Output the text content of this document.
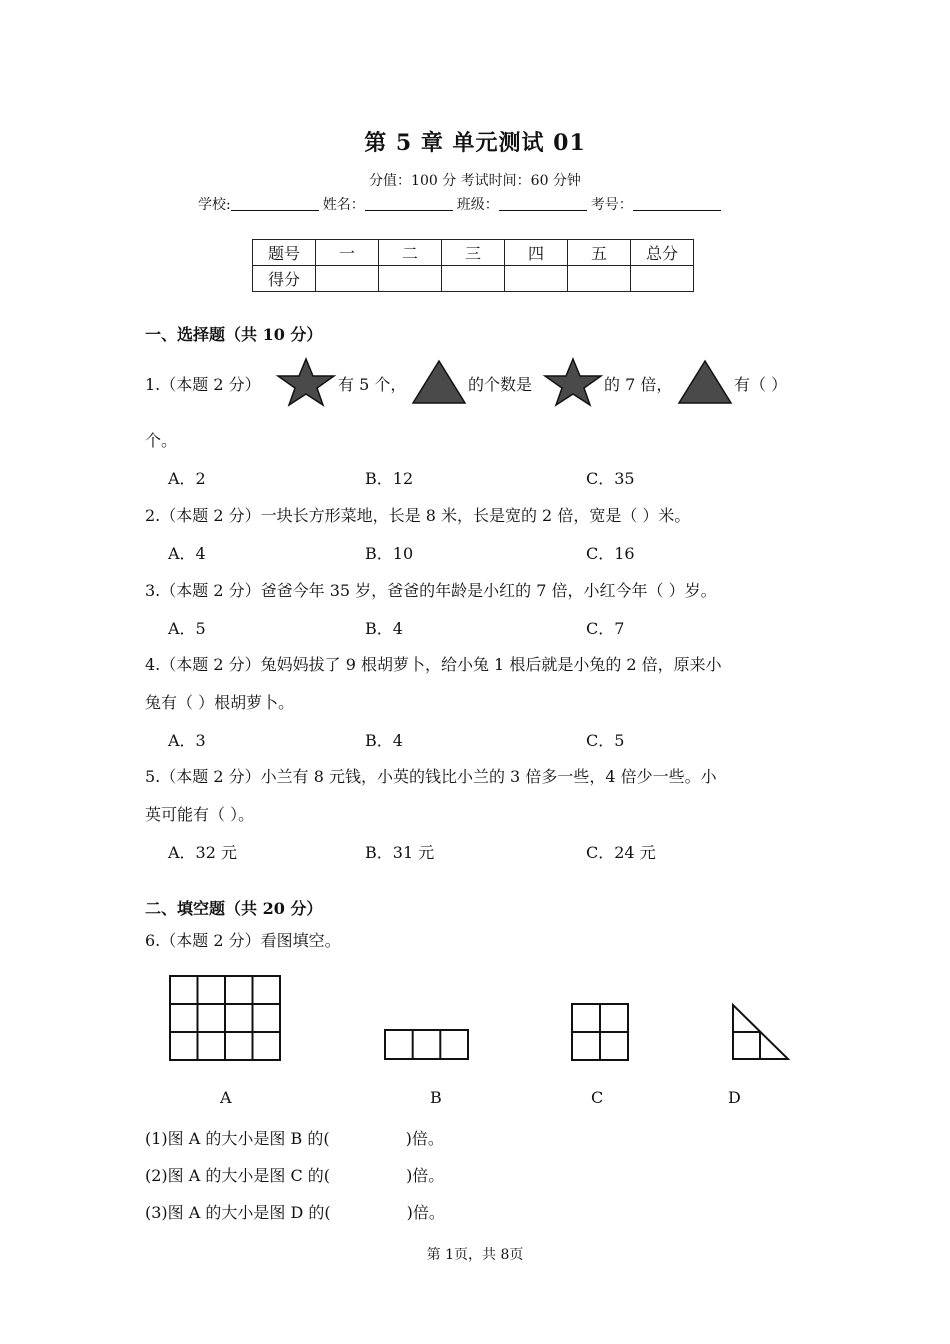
第 5 章 单元测试 01
分值：100 分 考试时间：60 分钟
学校:	姓名：	班级：	考号：
题号	一	二	三	四	五	总分
得分						
一、选择题（共 10 分）
1.（本题 2 分）	有 5 个，	的个数是	的 7 倍，	有（ ）
个。
A．2	B．12	C．35
2.（本题 2 分）一块长方形菜地，长是 8 米，长是宽的 2 倍，宽是（ ）米。
A．4	B．10	C．16
3.（本题 2 分）爸爸今年 35 岁，爸爸的年龄是小红的 7 倍，小红今年（ ）岁。
A．5	B．4	C．7
4.（本题 2 分）兔妈妈拔了 9 根胡萝卜，给小兔 1 根后就是小兔的 2 倍，原来小
兔有（ ）根胡萝卜。
A．3	B．4	C．5
5.（本题 2 分）小兰有 8 元钱，小英的钱比小兰的 3 倍多一些，4 倍少一些。小
英可能有（ ）。
A．32 元	B．31 元	C．24 元
二、填空题（共 20 分）
6.（本题 2 分）看图填空。
A	B	C	D
(1)图 A 的大小是图 B 的(	)倍。
(2)图 A 的大小是图 C 的(	)倍。
(3)图 A 的大小是图 D 的(	)倍。
第 1页，共 8页
